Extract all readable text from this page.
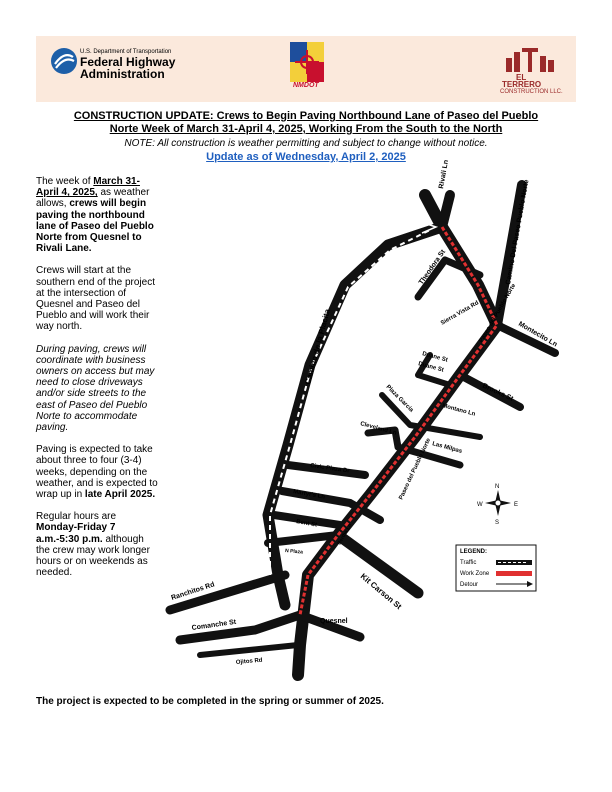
U.S. Department of Transportation
Federal Highway
Administration
NMDOT
EL
TERRERO
CONSTRUCTION LLC.
CONSTRUCTION UPDATE: Crews to Begin Paving Northbound Lane of Paseo del Pueblo
Norte Week of March 31-April 4, 2025, Working From the South to the North
NOTE: All construction is weather permitting and subject to change without notice.
Update as of Wednesday, April 2, 2025

The week of March 31-April 4, 2025, as weather allows, crews will begin paving the northbound lane of Paseo del Pueblo Norte from Quesnel to Rivali Lane.

Crews will start at the southern end of the project at the intersection of Quesnel and Paseo del Pueblo and will work their way north.

During paving, crews will coordinate with business owners on access but may need to close driveways and/or side streets to the east of Paseo del Pueblo Norte to accommodate paving.

Paving is expected to take about three to four (3-4) weeks, depending on the weather, and is expected to wrap up in late April 2025.

Regular hours are Monday-Friday 7 a.m.-5:30 p.m. although the crew may work longer hours or on weekends as needed.

Rivali Ln
Camino Del Paseo Pueblo Norte
Theodora St
Sierra Vista Rd
Montecito Ln
Camino de la Placita	Duane St
Duane St
Paseo del Pueblo Norte
Brooks St
Plaza Garcia	Montano Ln
Cleveland Ln
Las Milpas
Paseo del Pueblo Norte
Civic Plaza Dr
Martyr's Ln
Bent St	Bertha Ln
N Plaza
Kit Carson St
Ranchitos Rd
Comanche St	Quesnel
Ojitos Rd
N
S
E
W
LEGEND:
Traffic
Work Zone
Detour
The project is expected to be completed in the spring or summer of 2025.
